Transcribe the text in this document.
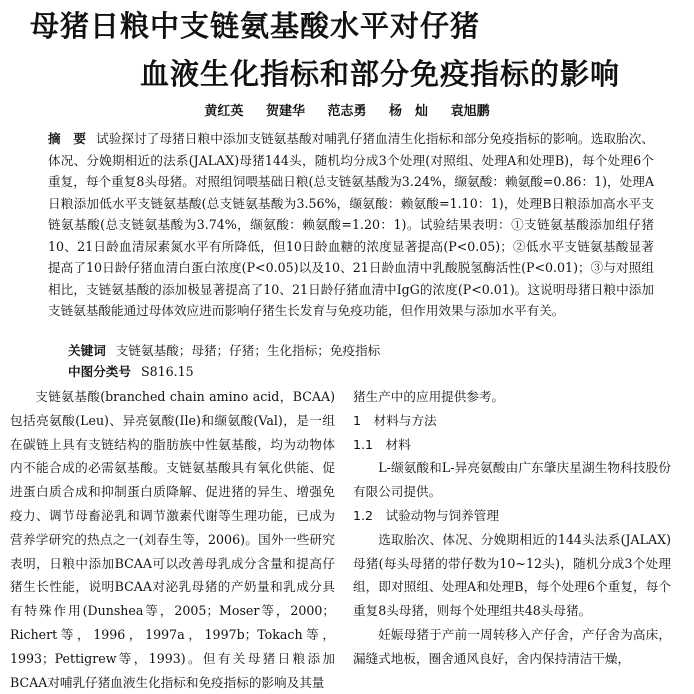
母猪日粮中支链氨基酸水平对仔猪
血液生化指标和部分免疫指标的影响
黄红英 贺建华 范志勇 杨　灿 袁旭鹏
摘　要 试验探讨了母猪日粮中添加支链氨基酸对哺乳仔猪血清生化指标和部分免疫指标的影响。选取胎次、体况、分娩期相近的法系(JALAX)母猪144头，随机均分成3个处理(对照组、处理A和处理B)，每个处理6个重复，每个重复8头母猪。对照组饲喂基础日粮(总支链氨基酸为3.24%，缬氨酸：赖氨酸=0.86：1)，处理A日粮添加低水平支链氨基酸(总支链氨基酸为3.56%，缬氨酸：赖氨酸=1.10：1)，处理B日粮添加高水平支链氨基酸(总支链氨基酸为3.74%，缬氨酸：赖氨酸=1.20：1)。试验结果表明：①支链氨基酸添加组仔猪10、21日龄血清尿素氮水平有所降低，但10日龄血糖的浓度显著提高(P<0.05)；②低水平支链氨基酸显著提高了10日龄仔猪血清白蛋白浓度(P<0.05)以及10、21日龄血清中乳酸脱氢酶活性(P<0.01)；③与对照组相比，支链氨基酸的添加极显著提高了10、21日龄仔猪血清中IgG的浓度(P<0.01)。这说明母猪日粮中添加支链氨基酸能通过母体效应进而影响仔猪生长发育与免疫功能，但作用效果与添加水平有关。
关键词 支链氨基酸；母猪；仔猪；生化指标；免疫指标
中图分类号 S816.15

支链氨基酸(branched chain amino acid，BCAA)包括亮氨酸(Leu)、异亮氨酸(Ile)和缬氨酸(Val)，是一组在碳链上具有支链结构的脂肪族中性氨基酸，均为动物体内不能合成的必需氨基酸。支链氨基酸具有氧化供能、促进蛋白质合成和抑制蛋白质降解、促进猪的异生、增强免疫力、调节母畜泌乳和调节激素代谢等生理功能，已成为营养学研究的热点之一(刘春生等，2006)。国外一些研究表明，日粮中添加BCAA可以改善母乳成分含量和提高仔猪生长性能，说明BCAA对泌乳母猪的产奶量和乳成分具有特殊作用(Dunshea等，2005；Moser等，2000；Richert等，1996，1997a，1997b；Tokach等，1993；Pettigrew等，1993)。但有关母猪日粮添加BCAA对哺乳仔猪血液生化指标和免疫指标的影响及其量

猪生产中的应用提供参考。

1　材料与方法

1.1　材料

L-缬氨酸和L-异亮氨酸由广东肇庆星湖生物科技股份有限公司提供。

1.2　试验动物与饲养管理

选取胎次、体况、分娩期相近的144头法系(JALAX)母猪(每头母猪的带仔数为10~12头)，随机分成3个处理组，即对照组、处理A和处理B，每个处理6个重复，每个重复8头母猪，则每个处理组共48头母猪。

妊娠母猪于产前一周转移入产仔舍，产仔舍为高床，漏缝式地板，圈舍通风良好，舍内保持清洁干燥，
